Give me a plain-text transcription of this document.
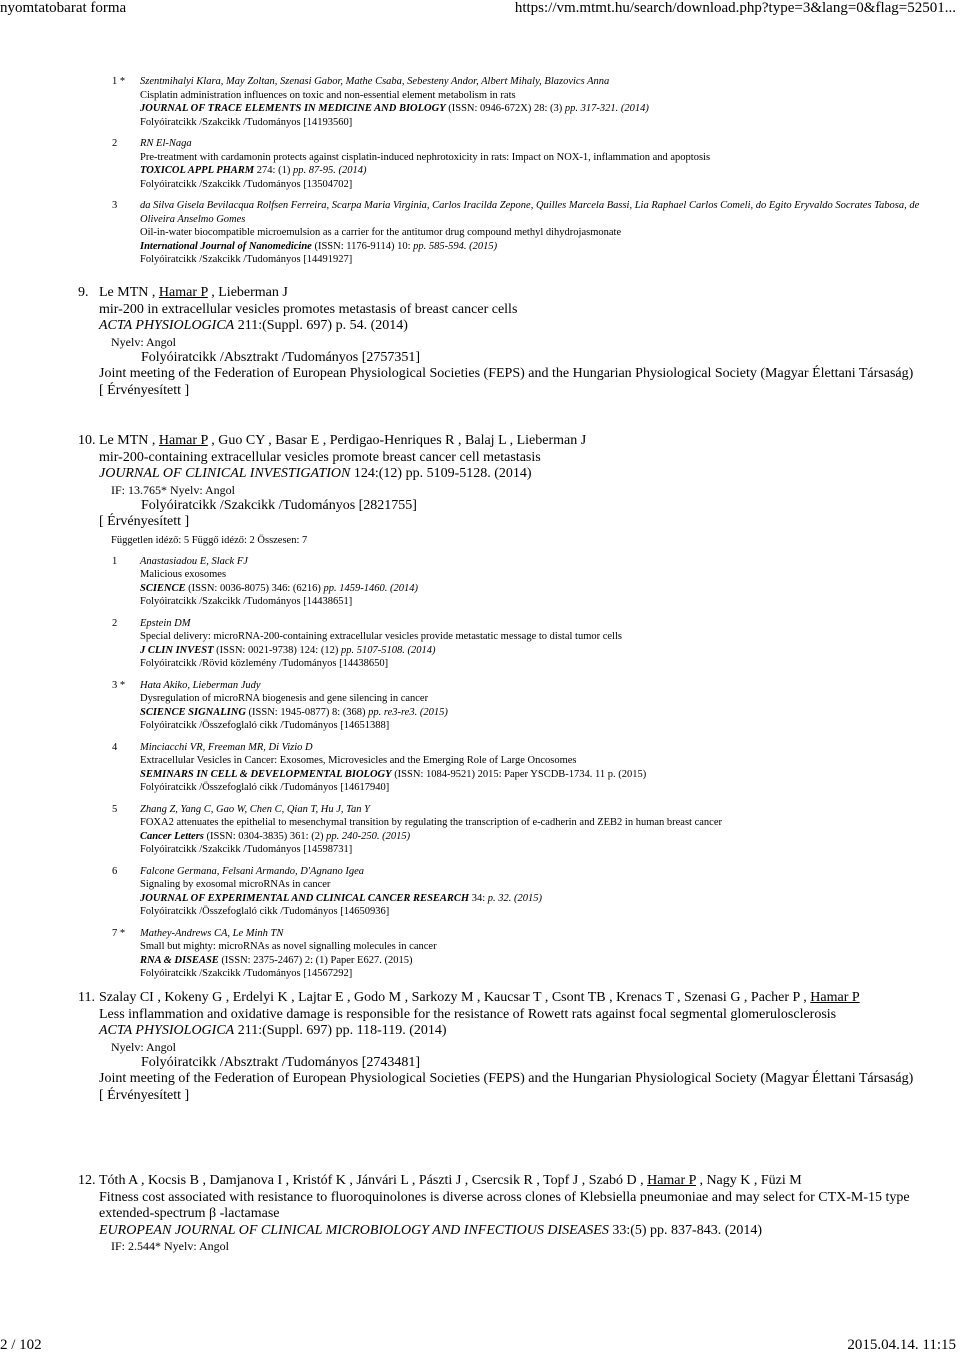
nyomtatobarat forma	https://vm.mtmt.hu/search/download.php?type=3&lang=0&flag=52501...
1 *	Szentmihalyi Klara, May Zoltan, Szenasi Gabor, Mathe Csaba, Sebesteny Andor, Albert Mihaly, Blazovics Anna
Cisplatin administration influences on toxic and non-essential element metabolism in rats
JOURNAL OF TRACE ELEMENTS IN MEDICINE AND BIOLOGY (ISSN: 0946-672X) 28: (3) pp. 317-321. (2014)
Folyóiratcikk /Szakcikk /Tudományos [14193560]
2	RN El-Naga
Pre-treatment with cardamonin protects against cisplatin-induced nephrotoxicity in rats: Impact on NOX-1, inflammation and apoptosis
TOXICOL APPL PHARM 274: (1) pp. 87-95. (2014)
Folyóiratcikk /Szakcikk /Tudományos [13504702]
3	da Silva Gisela Bevilacqua Rolfsen Ferreira, Scarpa Maria Virginia, Carlos Iracilda Zepone, Quilles Marcela Bassi, Lia Raphael Carlos Comeli, do Egito Eryvaldo Socrates Tabosa, de Oliveira Anselmo Gomes
Oil-in-water biocompatible microemulsion as a carrier for the antitumor drug compound methyl dihydrojasmonate
International Journal of Nanomedicine (ISSN: 1176-9114) 10: pp. 585-594. (2015)
Folyóiratcikk /Szakcikk /Tudományos [14491927]
9. Le MTN , Hamar P , Lieberman J
mir-200 in extracellular vesicles promotes metastasis of breast cancer cells
ACTA PHYSIOLOGICA 211:(Suppl. 697) p. 54. (2014)
Nyelv: Angol
Folyóiratcikk /Absztrakt /Tudományos [2757351]
Joint meeting of the Federation of European Physiological Societies (FEPS) and the Hungarian Physiological Society (Magyar Élettani Társaság)
[ Érvényesített ]
10. Le MTN , Hamar P , Guo CY , Basar E , Perdigao-Henriques R , Balaj L , Lieberman J
mir-200-containing extracellular vesicles promote breast cancer cell metastasis
JOURNAL OF CLINICAL INVESTIGATION 124:(12) pp. 5109-5128. (2014)
IF: 13.765* Nyelv: Angol
Folyóiratcikk /Szakcikk /Tudományos [2821755]
[ Érvényesített ]
Független idéző: 5 Függő idéző: 2 Összesen: 7
1	Anastasiadou E, Slack FJ
Malicious exosomes
SCIENCE (ISSN: 0036-8075) 346: (6216) pp. 1459-1460. (2014)
Folyóiratcikk /Szakcikk /Tudományos [14438651]
2	Epstein DM
Special delivery: microRNA-200-containing extracellular vesicles provide metastatic message to distal tumor cells
J CLIN INVEST (ISSN: 0021-9738) 124: (12) pp. 5107-5108. (2014)
Folyóiratcikk /Rövid közlemény /Tudományos [14438650]
3 *	Hata Akiko, Lieberman Judy
Dysregulation of microRNA biogenesis and gene silencing in cancer
SCIENCE SIGNALING (ISSN: 1945-0877) 8: (368) pp. re3-re3. (2015)
Folyóiratcikk /Összefoglaló cikk /Tudományos [14651388]
4	Minciacchi VR, Freeman MR, Di Vizio D
Extracellular Vesicles in Cancer: Exosomes, Microvesicles and the Emerging Role of Large Oncosomes
SEMINARS IN CELL & DEVELOPMENTAL BIOLOGY (ISSN: 1084-9521) 2015: Paper YSCDB-1734. 11 p. (2015)
Folyóiratcikk /Összefoglaló cikk /Tudományos [14617940]
5	Zhang Z, Yang C, Gao W, Chen C, Qian T, Hu J, Tan Y
FOXA2 attenuates the epithelial to mesenchymal transition by regulating the transcription of e-cadherin and ZEB2 in human breast cancer
Cancer Letters (ISSN: 0304-3835) 361: (2) pp. 240-250. (2015)
Folyóiratcikk /Szakcikk /Tudományos [14598731]
6	Falcone Germana, Felsani Armando, D'Agnano Igea
Signaling by exosomal microRNAs in cancer
JOURNAL OF EXPERIMENTAL AND CLINICAL CANCER RESEARCH 34: p. 32. (2015)
Folyóiratcikk /Összefoglaló cikk /Tudományos [14650936]
7 *	Mathey-Andrews CA, Le Minh TN
Small but mighty: microRNAs as novel signalling molecules in cancer
RNA & DISEASE (ISSN: 2375-2467) 2: (1) Paper E627. (2015)
Folyóiratcikk /Szakcikk /Tudományos [14567292]
11. Szalay CI , Kokeny G , Erdelyi K , Lajtar E , Godo M , Sarkozy M , Kaucsar T , Csont TB , Krenacs T , Szenasi G , Pacher P , Hamar P
Less inflammation and oxidative damage is responsible for the resistance of Rowett rats against focal segmental glomerulosclerosis
ACTA PHYSIOLOGICA 211:(Suppl. 697) pp. 118-119. (2014)
Nyelv: Angol
Folyóiratcikk /Absztrakt /Tudományos [2743481]
Joint meeting of the Federation of European Physiological Societies (FEPS) and the Hungarian Physiological Society (Magyar Élettani Társaság)
[ Érvényesített ]
12. Tóth A , Kocsis B , Damjanova I , Kristóf K , Jánvári L , Pászti J , Csercsik R , Topf J , Szabó D , Hamar P , Nagy K , Füzi M
Fitness cost associated with resistance to fluoroquinolones is diverse across clones of Klebsiella pneumoniae and may select for CTX-M-15 type extended-spectrum β -lactamase
EUROPEAN JOURNAL OF CLINICAL MICROBIOLOGY AND INFECTIOUS DISEASES 33:(5) pp. 837-843. (2014)
IF: 2.544* Nyelv: Angol
2 / 102	2015.04.14. 11:15
